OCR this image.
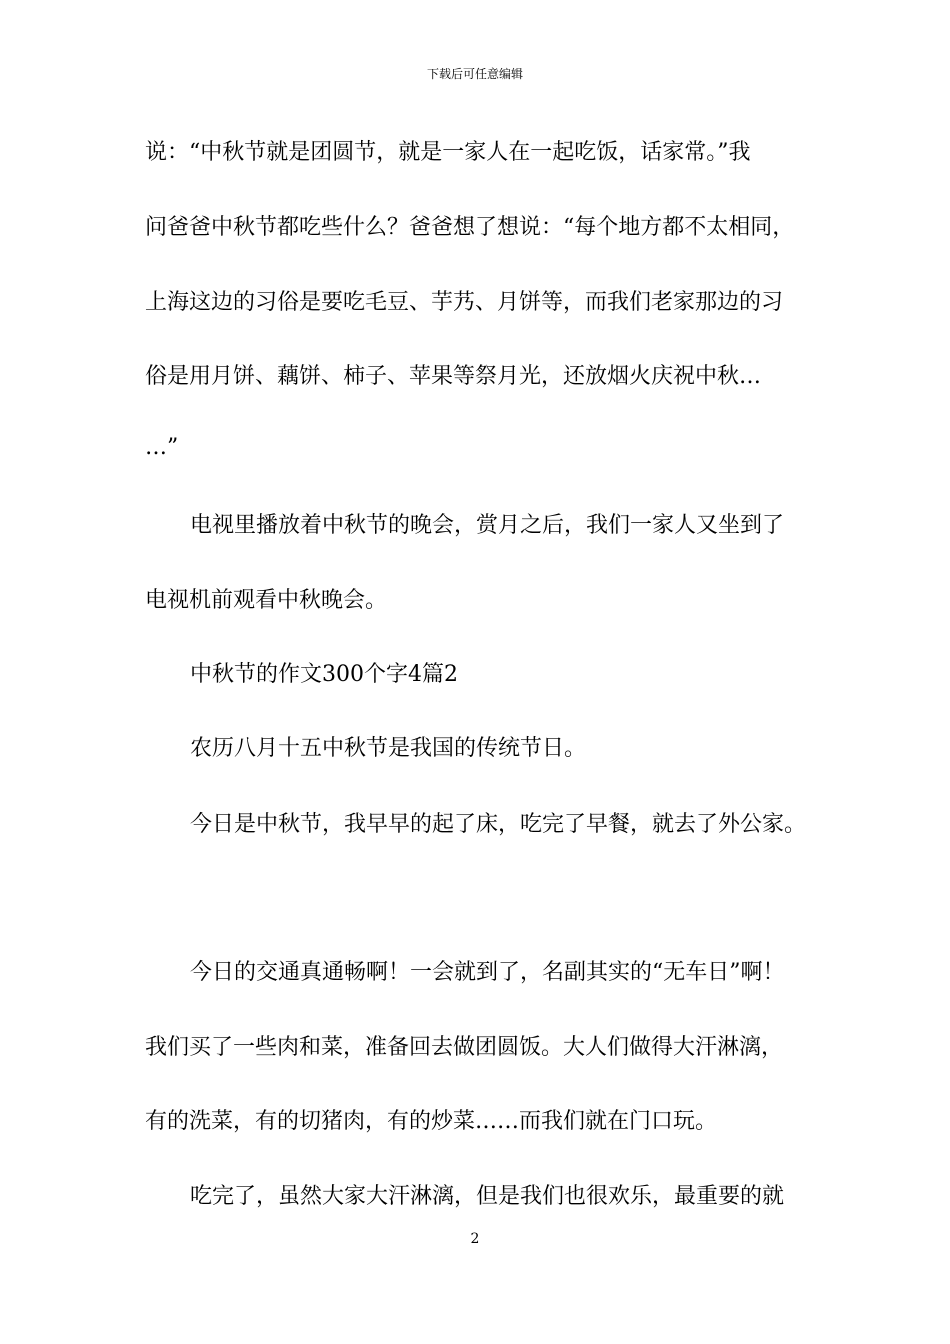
下载后可任意编辑
说：“中秋节就是团圆节，就是一家人在一起吃饭，话家常。”我
问爸爸中秋节都吃些什么？爸爸想了想说：“每个地方都不太相同，
上海这边的习俗是要吃毛豆、芋艿、月饼等，而我们老家那边的习
俗是用月饼、藕饼、柿子、苹果等祭月光，还放烟火庆祝中秋…
…”
电视里播放着中秋节的晚会，赏月之后，我们一家人又坐到了
电视机前观看中秋晚会。
中秋节的作文300个字4篇2
农历八月十五中秋节是我国的传统节日。
今日是中秋节，我早早的起了床，吃完了早餐，就去了外公家。
今日的交通真通畅啊！一会就到了，名副其实的“无车日”啊！
我们买了一些肉和菜，准备回去做团圆饭。大人们做得大汗淋漓，
有的洗菜，有的切猪肉，有的炒菜……而我们就在门口玩。
吃完了，虽然大家大汗淋漓，但是我们也很欢乐，最重要的就
2
